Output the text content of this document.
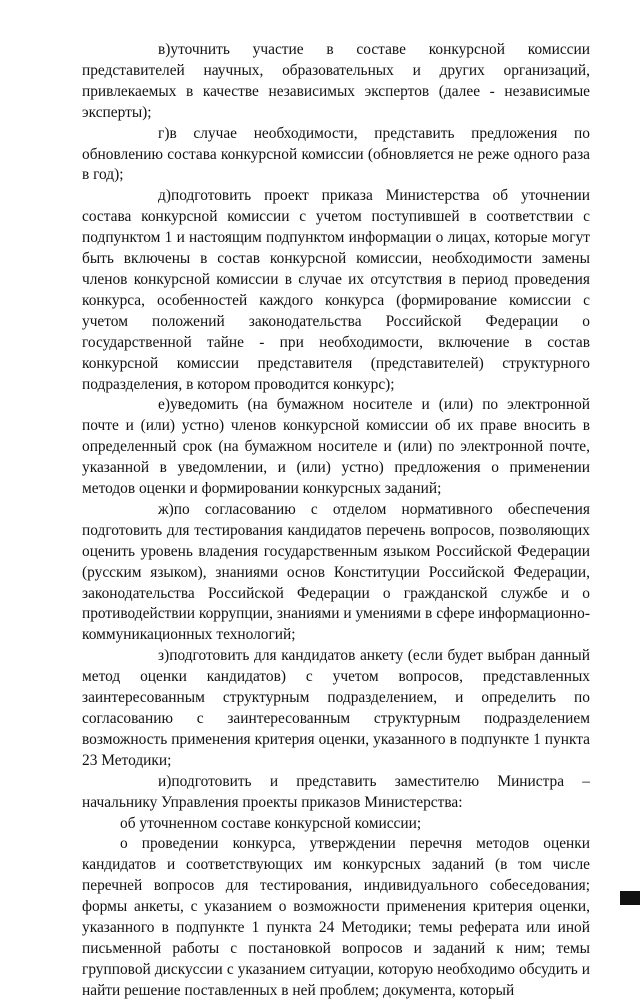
в)уточнить участие в составе конкурсной комиссии представителей научных, образовательных и других организаций, привлекаемых в качестве независимых экспертов (далее - независимые эксперты);

г)в случае необходимости, представить предложения по обновлению состава конкурсной комиссии (обновляется не реже одного раза в год);

д)подготовить проект приказа Министерства об уточнении состава конкурсной комиссии с учетом поступившей в соответствии с подпунктом 1 и настоящим подпунктом информации о лицах, которые могут быть включены в состав конкурсной комиссии, необходимости замены членов конкурсной комиссии в случае их отсутствия в период проведения конкурса, особенностей каждого конкурса (формирование комиссии с учетом положений законодательства Российской Федерации о государственной тайне - при необходимости, включение в состав конкурсной комиссии представителя (представителей) структурного подразделения, в котором проводится конкурс);

е)уведомить (на бумажном носителе и (или) по электронной почте и (или) устно) членов конкурсной комиссии об их праве вносить в определенный срок (на бумажном носителе и (или) по электронной почте, указанной в уведомлении, и (или) устно) предложения о применении методов оценки и формировании конкурсных заданий;

ж)по согласованию с отделом нормативного обеспечения подготовить для тестирования кандидатов перечень вопросов, позволяющих оценить уровень владения государственным языком Российской Федерации (русским языком), знаниями основ Конституции Российской Федерации, законодательства Российской Федерации о гражданской службе и о противодействии коррупции, знаниями и умениями в сфере информационно-коммуникационных технологий;

з)подготовить для кандидатов анкету (если будет выбран данный метод оценки кандидатов) с учетом вопросов, представленных заинтересованным структурным подразделением, и определить по согласованию с заинтересованным структурным подразделением возможность применения критерия оценки, указанного в подпункте 1 пункта 23 Методики;

и)подготовить и представить заместителю Министра – начальнику Управления проекты приказов Министерства:

об уточненном составе конкурсной комиссии;

о проведении конкурса, утверждении перечня методов оценки кандидатов и соответствующих им конкурсных заданий (в том числе перечней вопросов для тестирования, индивидуального собеседования; формы анкеты, с указанием о возможности применения критерия оценки, указанного в подпункте 1 пункта 24 Методики; темы реферата или иной письменной работы с постановкой вопросов и заданий к ним; темы групповой дискуссии с указанием ситуации, которую необходимо обсудить и найти решение поставленных в ней проблем; документа, который
